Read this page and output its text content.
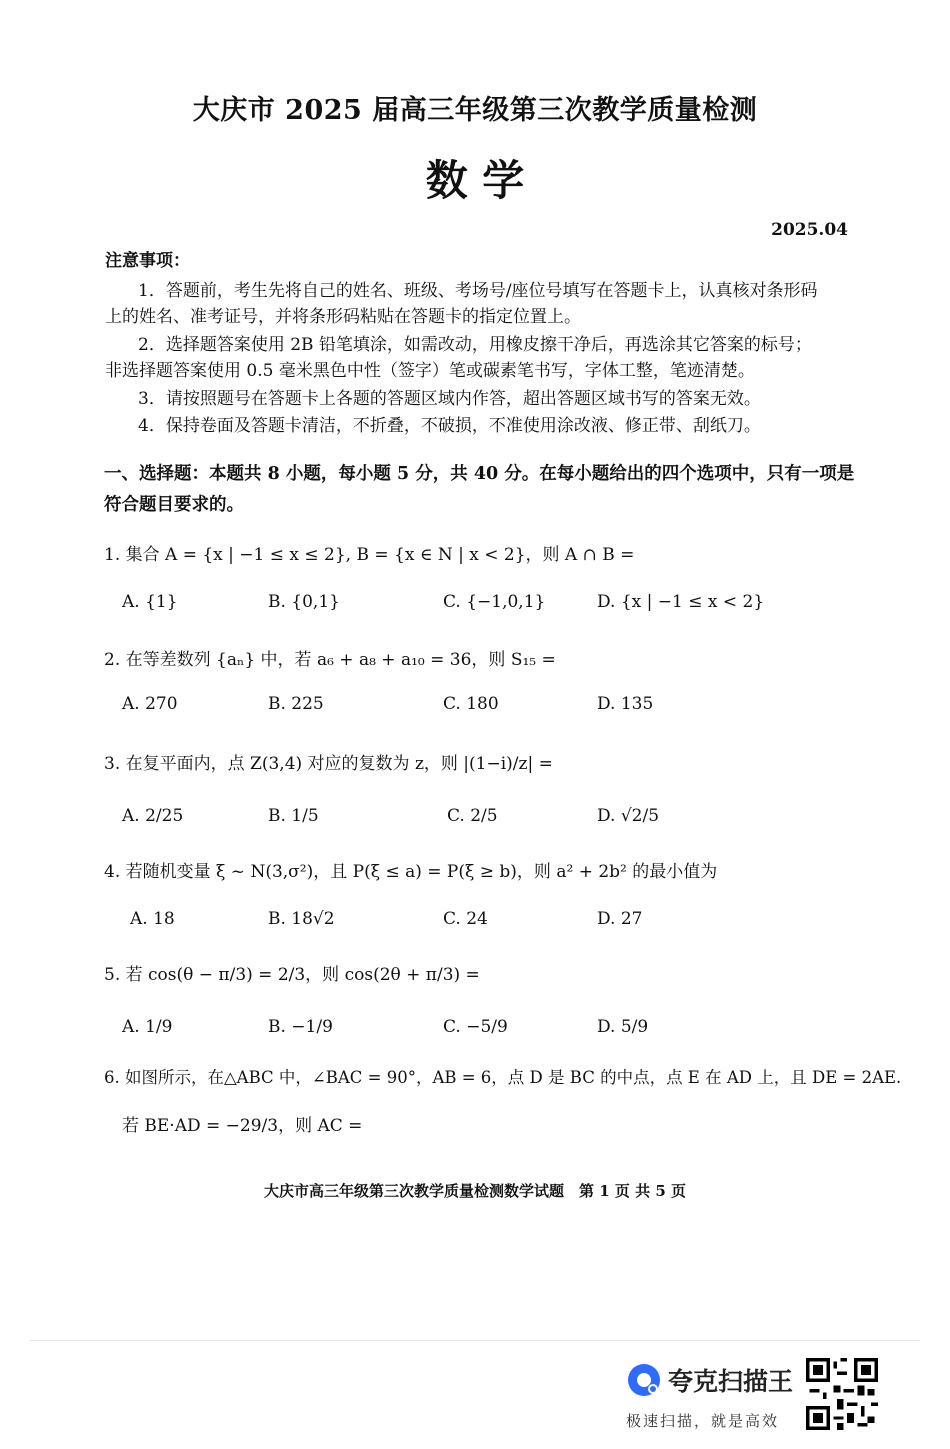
大庆市 2025 届高三年级第三次教学质量检测
数 学
2025.04
注意事项：
1．答题前，考生先将自己的姓名、班级、考场号/座位号填写在答题卡上，认真核对条形码
上的姓名、准考证号，并将条形码粘贴在答题卡的指定位置上。
2．选择题答案使用 2B 铅笔填涂，如需改动，用橡皮擦干净后，再选涂其它答案的标号；
非选择题答案使用 0.5 毫米黑色中性（签字）笔或碳素笔书写，字体工整，笔迹清楚。
3．请按照题号在答题卡上各题的答题区域内作答，超出答题区域书写的答案无效。
4．保持卷面及答题卡清洁，不折叠，不破损，不准使用涂改液、修正带、刮纸刀。
一、选择题：本题共 8 小题，每小题 5 分，共 40 分。在每小题给出的四个选项中，只有一项是
符合题目要求的。
1. 集合 A = {x | −1 ≤ x ≤ 2}, B = {x ∈ N | x < 2}，则 A ∩ B =
A. {1}	B. {0,1}	C. {−1,0,1}	D. {x | −1 ≤ x < 2}
2. 在等差数列 {aₙ} 中，若 a₆ + a₈ + a₁₀ = 36，则 S₁₅ =
A. 270	B. 225	C. 180	D. 135
3. 在复平面内，点 Z(3,4) 对应的复数为 z，则 |(1−i)/z| =
A. 2/25	B. 1/5	C. 2/5	D. √2/5
4. 若随机变量 ξ ~ N(3,σ²)，且 P(ξ ≤ a) = P(ξ ≥ b)，则 a² + 2b² 的最小值为
A. 18	B. 18√2	C. 24	D. 27
5. 若 cos(θ − π/3) = 2/3，则 cos(2θ + π/3) =
A. 1/9	B. −1/9	C. −5/9	D. 5/9
6. 如图所示，在△ABC 中，∠BAC = 90°，AB = 6，点 D 是 BC 的中点，点 E 在 AD 上，且 DE = 2AE.
若 BE·AD = −29/3，则 AC =
大庆市高三年级第三次教学质量检测数学试题　第 1 页 共 5 页
夸克扫描王
极速扫描，就是高效
